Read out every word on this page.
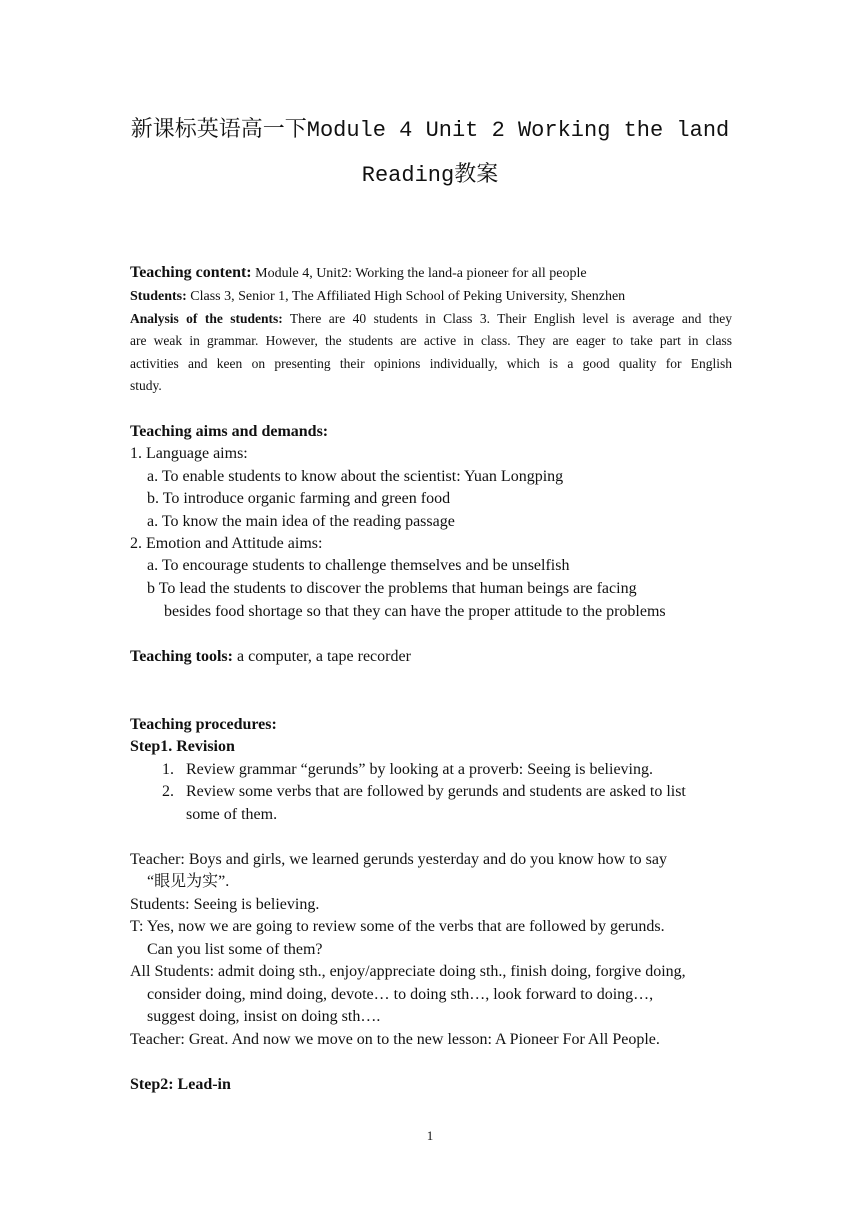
新课标英语高一下Module 4 Unit 2 Working the land
Reading教案
Teaching content: Module 4, Unit2: Working the land-a pioneer for all people
Students: Class 3, Senior 1, The Affiliated High School of Peking University, Shenzhen
Analysis of the students: There are 40 students in Class 3. Their English level is average and they
are weak in grammar. However, the students are active in class. They are eager to take part in class
activities and keen on presenting their opinions individually, which is a good quality for English
study.
Teaching aims and demands:
1. Language aims:
a. To enable students to know about the scientist: Yuan Longping
b. To introduce organic farming and green food
a. To know the main idea of the reading passage
2. Emotion and Attitude aims:
a. To encourage students to challenge themselves and be unselfish
b To lead the students to discover the problems that human beings are facing
besides food shortage so that they can have the proper attitude to the problems
Teaching tools: a computer, a tape recorder
Teaching procedures:
Step1. Revision
1. Review grammar “gerunds” by looking at a proverb: Seeing is believing.
2. Review some verbs that are followed by gerunds and students are asked to list
some of them.
Teacher: Boys and girls, we learned gerunds yesterday and do you know how to say
“眼见为实”.
Students: Seeing is believing.
T: Yes, now we are going to review some of the verbs that are followed by gerunds.
Can you list some of them?
All Students: admit doing sth., enjoy/appreciate doing sth., finish doing, forgive doing,
consider doing, mind doing, devote… to doing sth…, look forward to doing…,
suggest doing, insist on doing sth….
Teacher: Great. And now we move on to the new lesson: A Pioneer For All People.
Step2: Lead-in
1
